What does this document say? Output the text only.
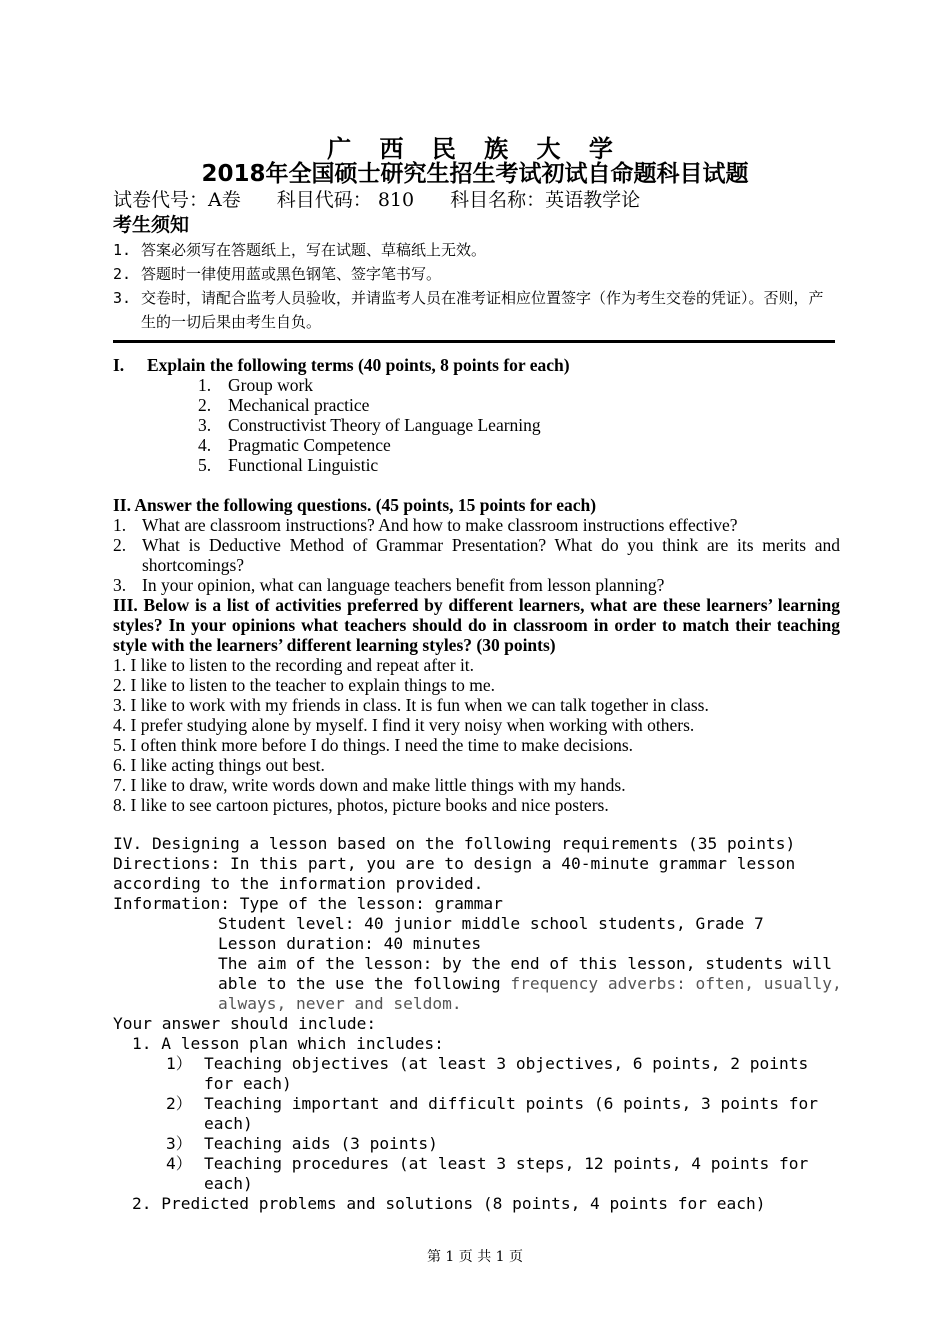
广 西 民 族 大 学
2018年全国硕士研究生招生考试初试自命题科目试题
试卷代号：A卷 科目代码： 810 科目名称：英语教学论
考生须知
1. 答案必须写在答题纸上，写在试题、草稿纸上无效。
2. 答题时一律使用蓝或黑色钢笔、签字笔书写。
3. 交卷时，请配合监考人员验收，并请监考人员在准考证相应位置签字（作为考生交卷的凭证）。否则，产生的一切后果由考生自负。
I. Explain the following terms (40 points, 8 points for each)
1. Group work
2. Mechanical practice
3. Constructivist Theory of Language Learning
4. Pragmatic Competence
5. Functional Linguistic
II. Answer the following questions. (45 points, 15 points for each)
1. What are classroom instructions? And how to make classroom instructions effective?
2. What is Deductive Method of Grammar Presentation? What do you think are its merits and shortcomings?
3. In your opinion, what can language teachers benefit from lesson planning?
III. Below is a list of activities preferred by different learners, what are these learners’ learning styles? In your opinions what teachers should do in classroom in order to match their teaching style with the learners’ different learning styles? (30 points)
1. I like to listen to the recording and repeat after it.
2. I like to listen to the teacher to explain things to me.
3. I like to work with my friends in class. It is fun when we can talk together in class.
4. I prefer studying alone by myself. I find it very noisy when working with others.
5. I often think more before I do things. I need the time to make decisions.
6. I like acting things out best.
7. I like to draw, write words down and make little things with my hands.
8. I like to see cartoon pictures, photos, picture books and nice posters.
IV. Designing a lesson based on the following requirements (35 points)
Directions: In this part, you are to design a 40-minute grammar lesson according to the information provided.
Information: Type of the lesson: grammar
Student level: 40 junior middle school students, Grade 7
Lesson duration: 40 minutes
The aim of the lesson: by the end of this lesson, students will able to the use the following frequency adverbs: often, usually, always, never and seldom.
Your answer should include:
1. A lesson plan which includes:
1） Teaching objectives (at least 3 objectives, 6 points, 2 points for each)
2） Teaching important and difficult points (6 points, 3 points for each)
3） Teaching aids (3 points)
4） Teaching procedures (at least 3 steps, 12 points, 4 points for each)
2. Predicted problems and solutions (8 points, 4 points for each)
第 1 页 共 1 页
